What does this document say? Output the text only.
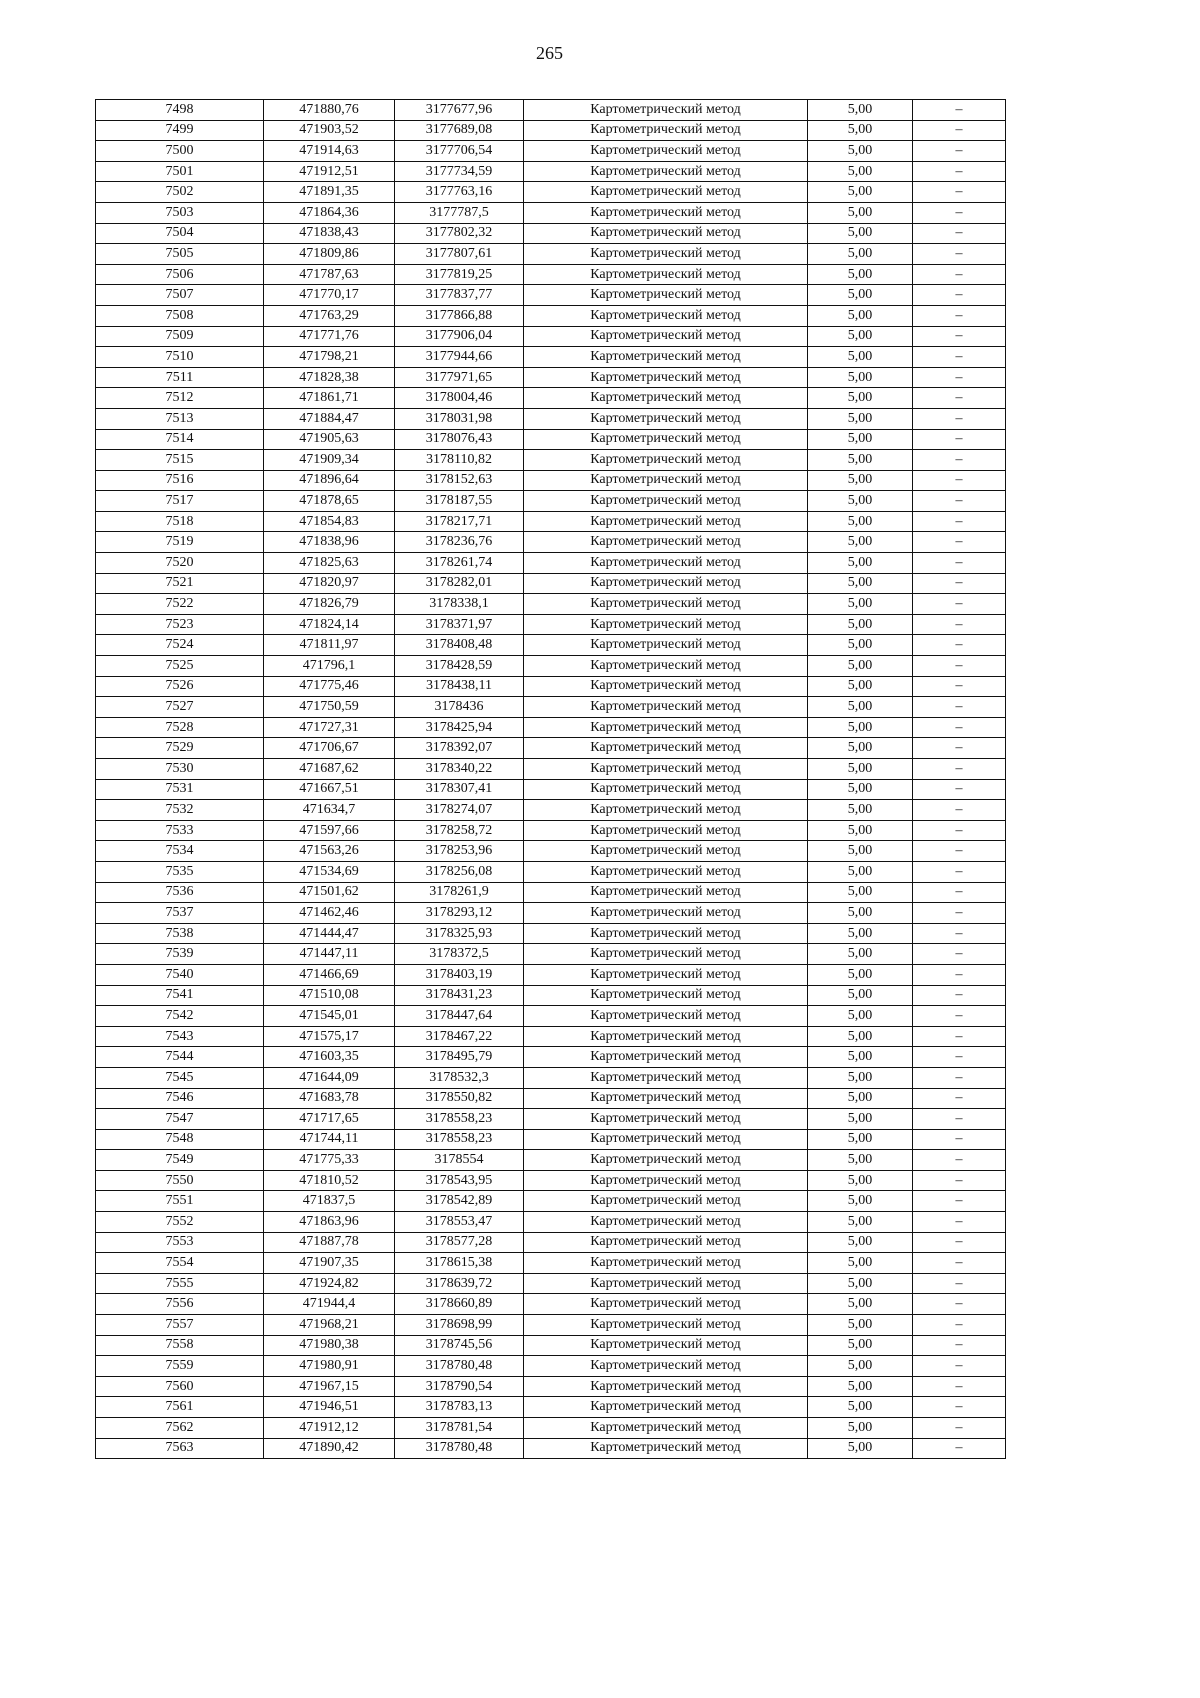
265
7498	471880,76	3177677,96	Картометрический метод	5,00	–
7499	471903,52	3177689,08	Картометрический метод	5,00	–
7500	471914,63	3177706,54	Картометрический метод	5,00	–
7501	471912,51	3177734,59	Картометрический метод	5,00	–
7502	471891,35	3177763,16	Картометрический метод	5,00	–
7503	471864,36	3177787,5	Картометрический метод	5,00	–
7504	471838,43	3177802,32	Картометрический метод	5,00	–
7505	471809,86	3177807,61	Картометрический метод	5,00	–
7506	471787,63	3177819,25	Картометрический метод	5,00	–
7507	471770,17	3177837,77	Картометрический метод	5,00	–
7508	471763,29	3177866,88	Картометрический метод	5,00	–
7509	471771,76	3177906,04	Картометрический метод	5,00	–
7510	471798,21	3177944,66	Картометрический метод	5,00	–
7511	471828,38	3177971,65	Картометрический метод	5,00	–
7512	471861,71	3178004,46	Картометрический метод	5,00	–
7513	471884,47	3178031,98	Картометрический метод	5,00	–
7514	471905,63	3178076,43	Картометрический метод	5,00	–
7515	471909,34	3178110,82	Картометрический метод	5,00	–
7516	471896,64	3178152,63	Картометрический метод	5,00	–
7517	471878,65	3178187,55	Картометрический метод	5,00	–
7518	471854,83	3178217,71	Картометрический метод	5,00	–
7519	471838,96	3178236,76	Картометрический метод	5,00	–
7520	471825,63	3178261,74	Картометрический метод	5,00	–
7521	471820,97	3178282,01	Картометрический метод	5,00	–
7522	471826,79	3178338,1	Картометрический метод	5,00	–
7523	471824,14	3178371,97	Картометрический метод	5,00	–
7524	471811,97	3178408,48	Картометрический метод	5,00	–
7525	471796,1	3178428,59	Картометрический метод	5,00	–
7526	471775,46	3178438,11	Картометрический метод	5,00	–
7527	471750,59	3178436	Картометрический метод	5,00	–
7528	471727,31	3178425,94	Картометрический метод	5,00	–
7529	471706,67	3178392,07	Картометрический метод	5,00	–
7530	471687,62	3178340,22	Картометрический метод	5,00	–
7531	471667,51	3178307,41	Картометрический метод	5,00	–
7532	471634,7	3178274,07	Картометрический метод	5,00	–
7533	471597,66	3178258,72	Картометрический метод	5,00	–
7534	471563,26	3178253,96	Картометрический метод	5,00	–
7535	471534,69	3178256,08	Картометрический метод	5,00	–
7536	471501,62	3178261,9	Картометрический метод	5,00	–
7537	471462,46	3178293,12	Картометрический метод	5,00	–
7538	471444,47	3178325,93	Картометрический метод	5,00	–
7539	471447,11	3178372,5	Картометрический метод	5,00	–
7540	471466,69	3178403,19	Картометрический метод	5,00	–
7541	471510,08	3178431,23	Картометрический метод	5,00	–
7542	471545,01	3178447,64	Картометрический метод	5,00	–
7543	471575,17	3178467,22	Картометрический метод	5,00	–
7544	471603,35	3178495,79	Картометрический метод	5,00	–
7545	471644,09	3178532,3	Картометрический метод	5,00	–
7546	471683,78	3178550,82	Картометрический метод	5,00	–
7547	471717,65	3178558,23	Картометрический метод	5,00	–
7548	471744,11	3178558,23	Картометрический метод	5,00	–
7549	471775,33	3178554	Картометрический метод	5,00	–
7550	471810,52	3178543,95	Картометрический метод	5,00	–
7551	471837,5	3178542,89	Картометрический метод	5,00	–
7552	471863,96	3178553,47	Картометрический метод	5,00	–
7553	471887,78	3178577,28	Картометрический метод	5,00	–
7554	471907,35	3178615,38	Картометрический метод	5,00	–
7555	471924,82	3178639,72	Картометрический метод	5,00	–
7556	471944,4	3178660,89	Картометрический метод	5,00	–
7557	471968,21	3178698,99	Картометрический метод	5,00	–
7558	471980,38	3178745,56	Картометрический метод	5,00	–
7559	471980,91	3178780,48	Картометрический метод	5,00	–
7560	471967,15	3178790,54	Картометрический метод	5,00	–
7561	471946,51	3178783,13	Картометрический метод	5,00	–
7562	471912,12	3178781,54	Картометрический метод	5,00	–
7563	471890,42	3178780,48	Картометрический метод	5,00	–
